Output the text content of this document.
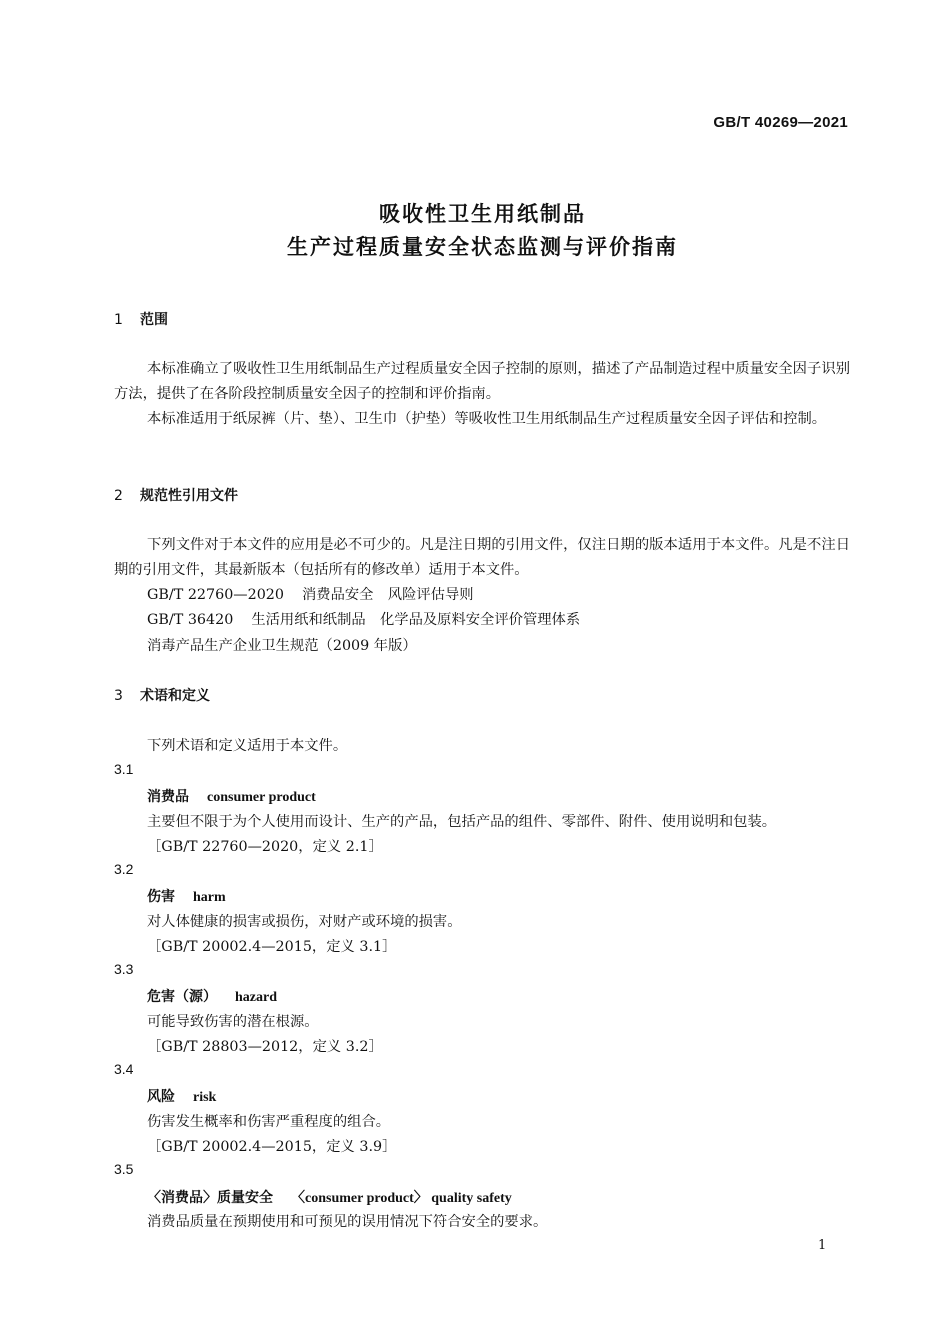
GB/T 40269—2021
吸收性卫生用纸制品
生产过程质量安全状态监测与评价指南
1 范围
本标准确立了吸收性卫生用纸制品生产过程质量安全因子控制的原则，描述了产品制造过程中质量安全因子识别方法，提供了在各阶段控制质量安全因子的控制和评价指南。
本标准适用于纸尿裤（片、垫）、卫生巾（护垫）等吸收性卫生用纸制品生产过程质量安全因子评估和控制。
2 规范性引用文件
下列文件对于本文件的应用是必不可少的。凡是注日期的引用文件，仅注日期的版本适用于本文件。凡是不注日期的引用文件，其最新版本（包括所有的修改单）适用于本文件。
GB/T 22760—2020 消费品安全　风险评估导则
GB/T 36420 生活用纸和纸制品　化学品及原料安全评价管理体系
消毒产品生产企业卫生规范（2009 年版）
3 术语和定义
下列术语和定义适用于本文件。
3.1
消费品 consumer product
主要但不限于为个人使用而设计、生产的产品，包括产品的组件、零部件、附件、使用说明和包装。
［GB/T 22760—2020，定义 2.1］
3.2
伤害 harm
对人体健康的损害或损伤，对财产或环境的损害。
［GB/T 20002.4—2015，定义 3.1］
3.3
危害（源） hazard
可能导致伤害的潜在根源。
［GB/T 28803—2012，定义 3.2］
3.4
风险 risk
伤害发生概率和伤害严重程度的组合。
［GB/T 20002.4—2015，定义 3.9］
3.5
〈消费品〉质量安全 〈consumer product〉 quality safety
消费品质量在预期使用和可预见的误用情况下符合安全的要求。
1
